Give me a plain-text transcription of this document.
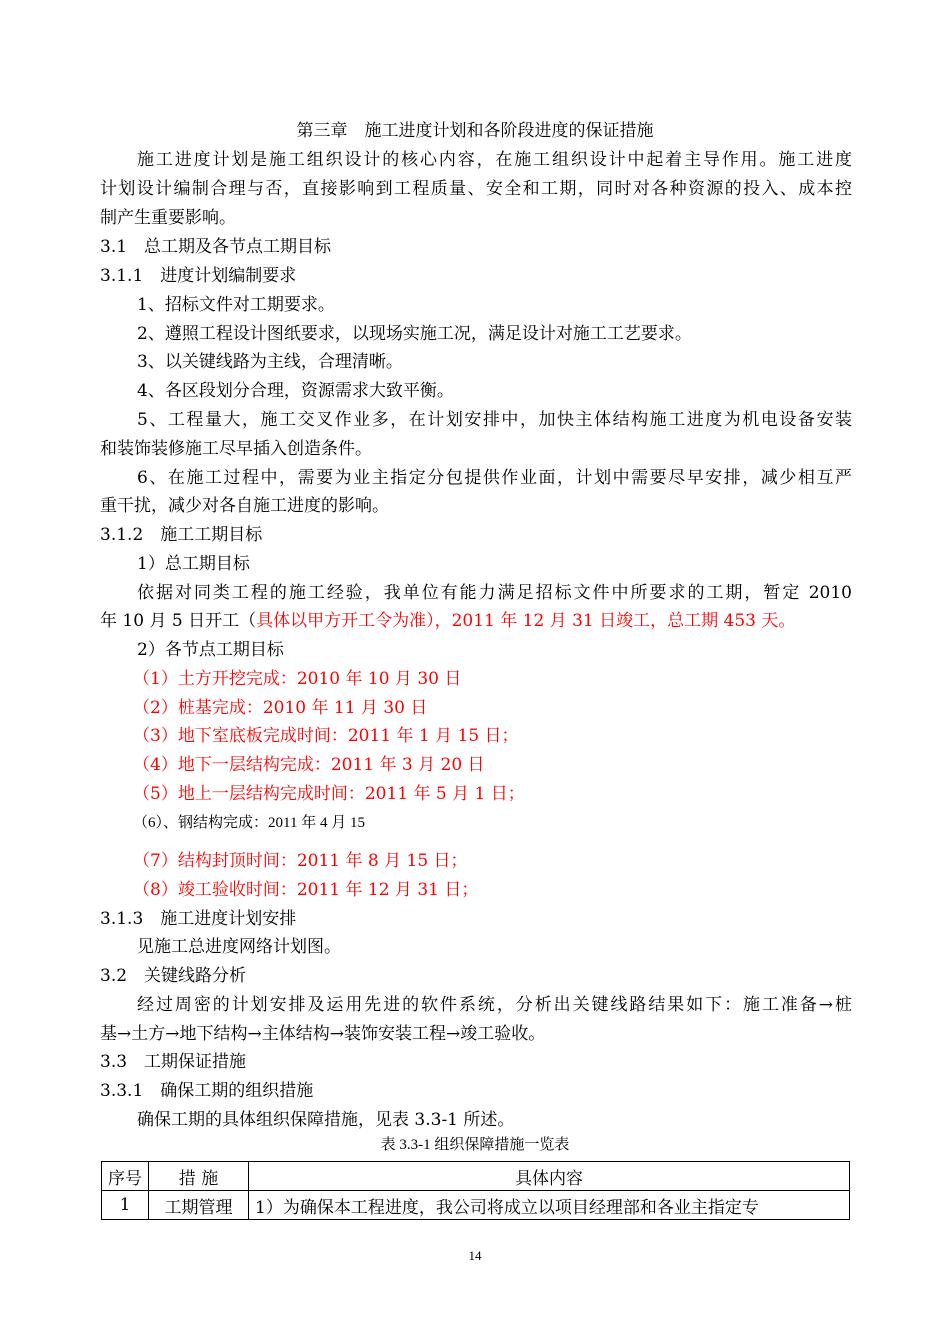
第三章　施工进度计划和各阶段进度的保证措施
施工进度计划是施工组织设计的核心内容，在施工组织设计中起着主导作用。施工进度
计划设计编制合理与否，直接影响到工程质量、安全和工期，同时对各种资源的投入、成本控
制产生重要影响。
3.1　总工期及各节点工期目标
3.1.1　进度计划编制要求
1、招标文件对工期要求。
2、遵照工程设计图纸要求，以现场实施工况，满足设计对施工工艺要求。
3、以关键线路为主线，合理清晰。
4、各区段划分合理，资源需求大致平衡。
5、工程量大，施工交叉作业多，在计划安排中，加快主体结构施工进度为机电设备安装
和装饰装修施工尽早插入创造条件。
6、在施工过程中，需要为业主指定分包提供作业面，计划中需要尽早安排，减少相互严
重干扰，减少对各自施工进度的影响。
3.1.2　施工工期目标
1）总工期目标
依据对同类工程的施工经验，我单位有能力满足招标文件中所要求的工期，暂定 2010
年 10 月 5 日开工（具体以甲方开工令为准），2011 年 12 月 31 日竣工，总工期 453 天。
2）各节点工期目标
（1）土方开挖完成：2010 年 10 月 30 日
（2）桩基完成：2010 年 11 月 30 日
（3）地下室底板完成时间：2011 年 1 月 15 日；
（4）地下一层结构完成：2011 年 3 月 20 日
（5）地上一层结构完成时间：2011 年 5 月 1 日；
（6）、钢结构完成：2011 年 4 月 15
（7）结构封顶时间：2011 年 8 月 15 日；
（8）竣工验收时间：2011 年 12 月 31 日；
3.1.3　施工进度计划安排
见施工总进度网络计划图。
3.2　关键线路分析
经过周密的计划安排及运用先进的软件系统，分析出关键线路结果如下：施工准备→桩
基→土方→地下结构→主体结构→装饰安装工程→竣工验收。
3.3　工期保证措施
3.3.1　确保工期的组织措施
确保工期的具体组织保障措施，见表 3.3-1 所述。
表 3.3-1 组织保障措施一览表
序号	措 施	具体内容
1	工期管理	1）为确保本工程进度，我公司将成立以项目经理部和各业主指定专
14
